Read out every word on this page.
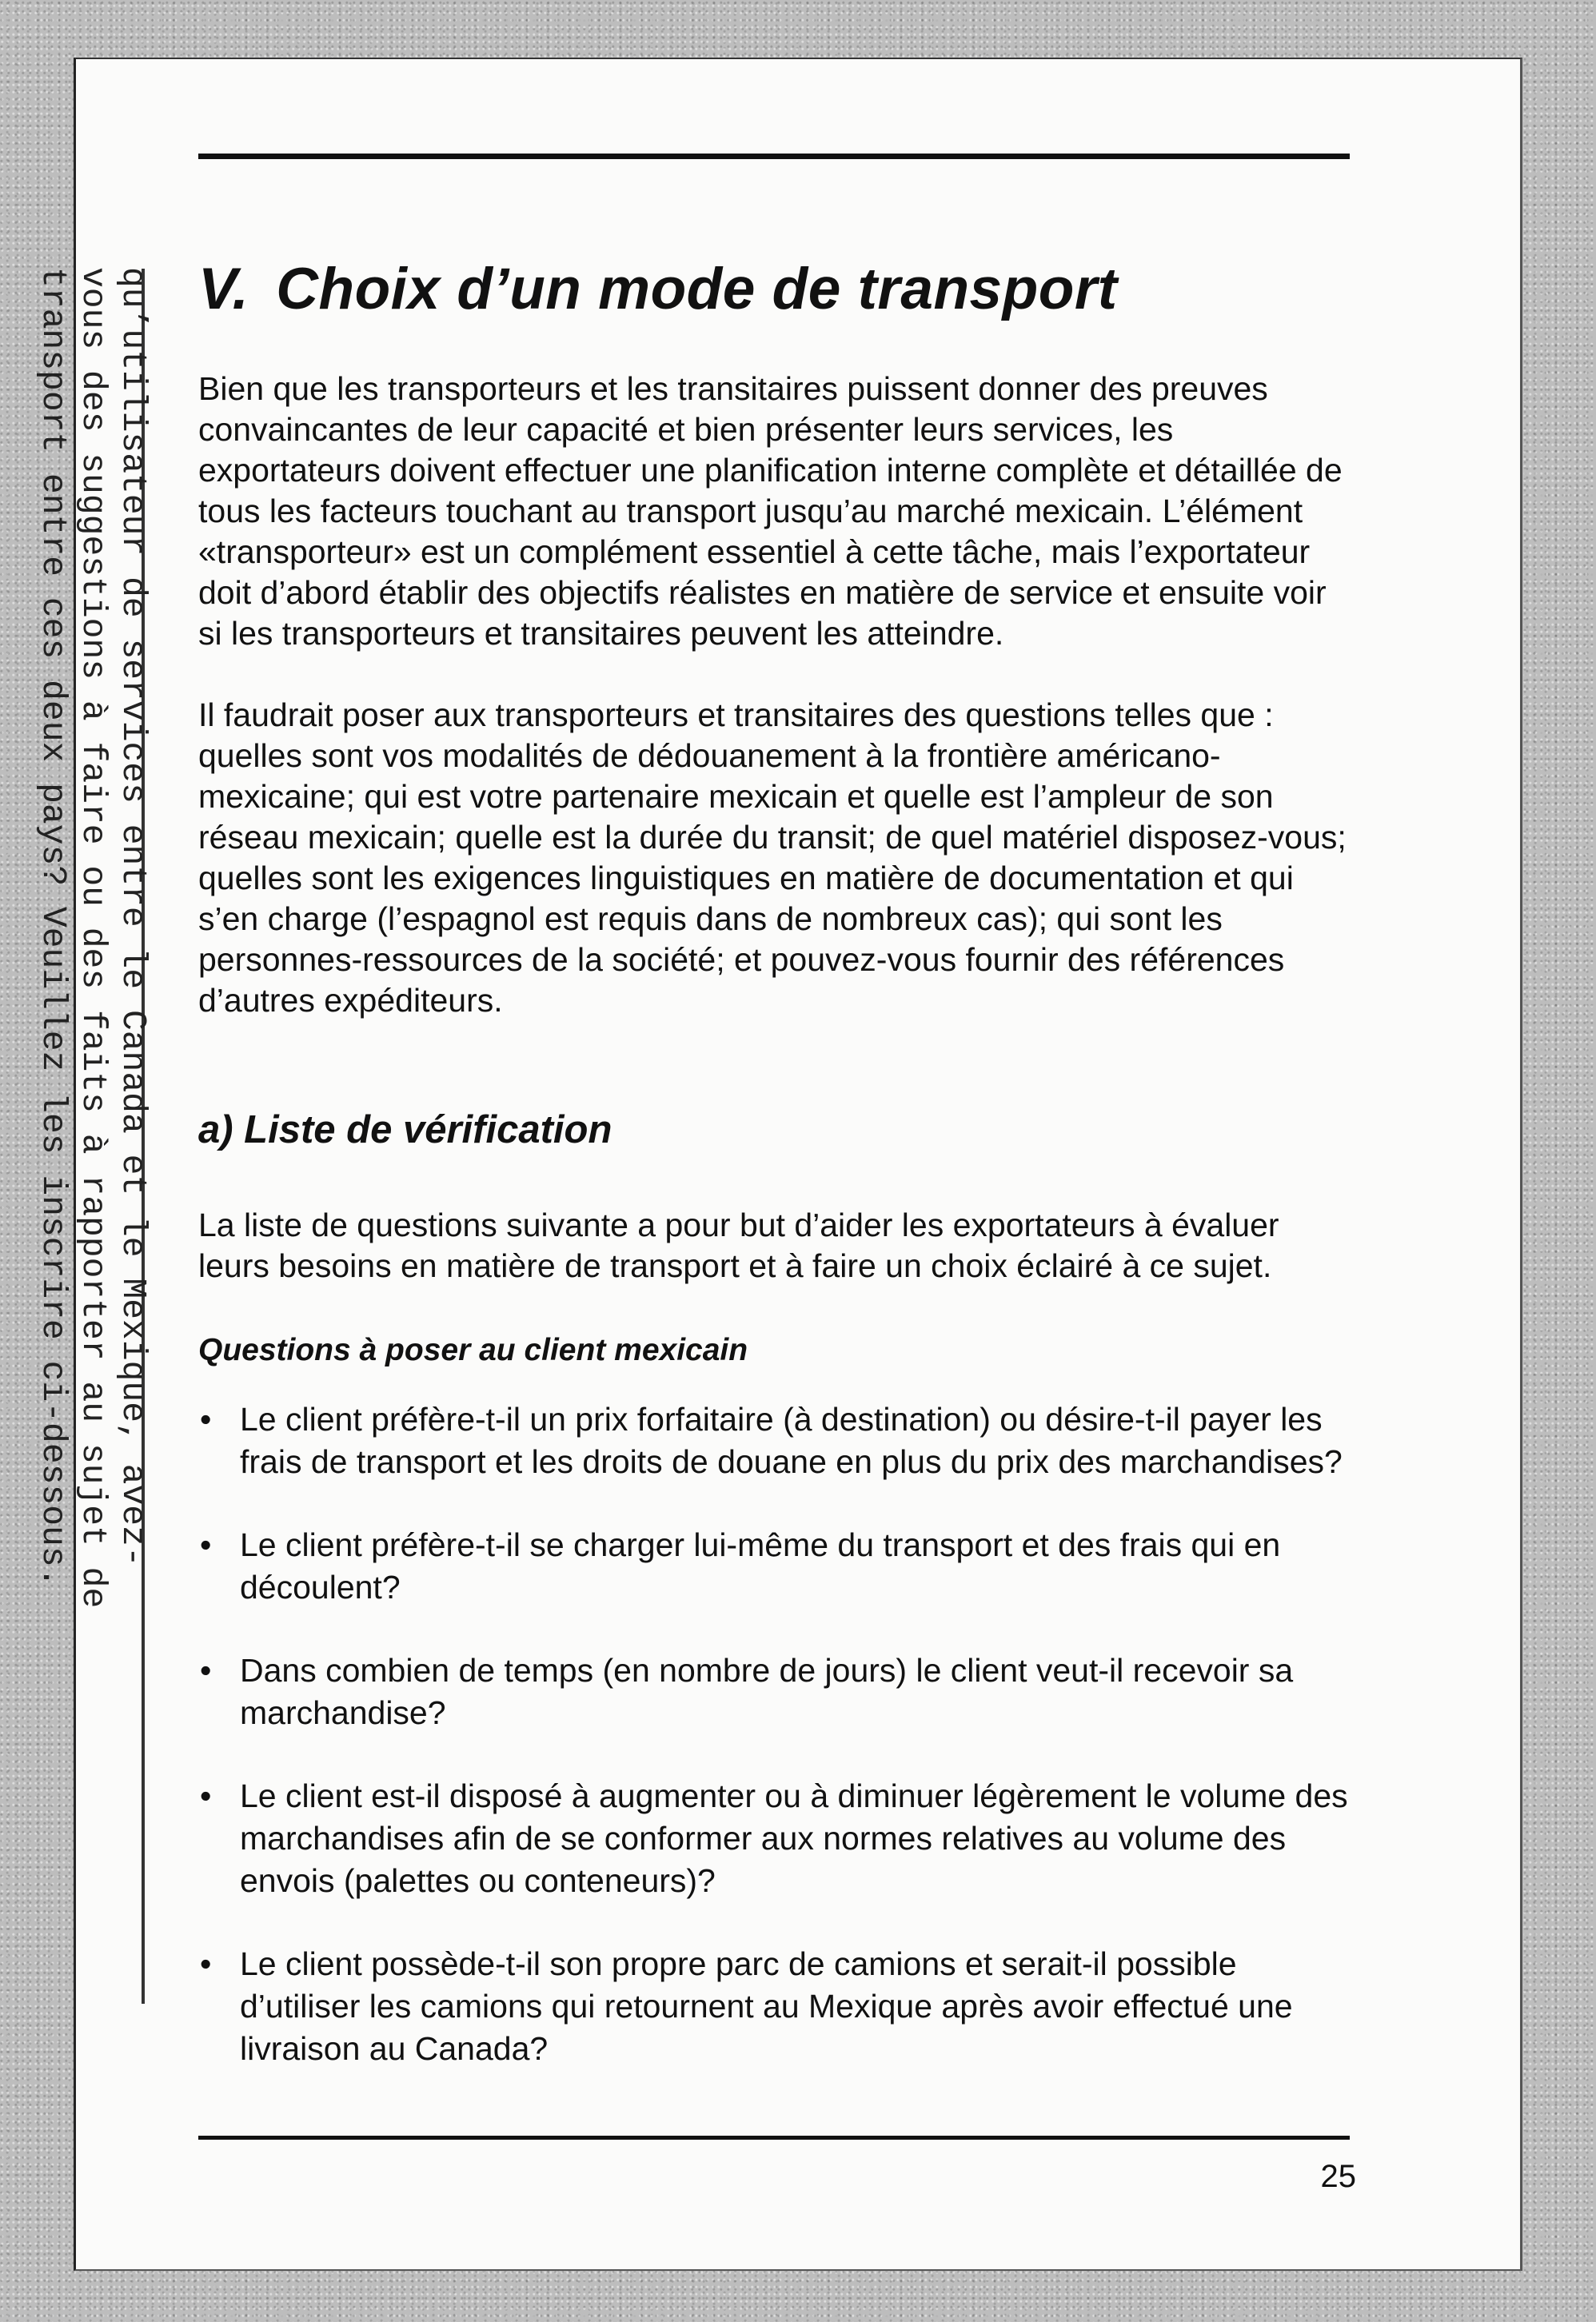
qu’utilisateur de services entre le Canada et le Mexique, avez-
vous des suggestions à faire ou des faits à rapporter au sujet de
transport entre ces deux pays? Veuillez les inscrire ci-dessous. V. Choix d’un mode de transport

Bien que les transporteurs et les transitaires puissent donner des preuves convaincantes de leur capacité et bien présenter leurs services, les exportateurs doivent effectuer une planification interne complète et détaillée de tous les facteurs touchant au transport jusqu’au marché mexicain. L’élément «transporteur» est un complément essentiel à cette tâche, mais l’exportateur doit d’abord établir des objectifs réalistes en matière de service et ensuite voir si les transporteurs et transitaires peuvent les atteindre.

Il faudrait poser aux transporteurs et transitaires des questions telles que : quelles sont vos modalités de dédouanement à la frontière américano-mexicaine; qui est votre partenaire mexicain et quelle est l’ampleur de son réseau mexicain; quelle est la durée du transit; de quel matériel disposez-vous; quelles sont les exigences linguistiques en matière de documentation et qui s’en charge (l’espagnol est requis dans de nombreux cas); qui sont les personnes-ressources de la société; et pouvez-vous fournir des références d’autres expéditeurs.

a) Liste de vérification

La liste de questions suivante a pour but d’aider les exportateurs à évaluer leurs besoins en matière de transport et à faire un choix éclairé à ce sujet.

Questions à poser au client mexicain
• Le client préfère-t-il un prix forfaitaire (à destination) ou désire-t-il payer les frais de transport et les droits de douane en plus du prix des marchandises?
• Le client préfère-t-il se charger lui-même du transport et des frais qui en découlent?
• Dans combien de temps (en nombre de jours) le client veut-il recevoir sa marchandise?
• Le client est-il disposé à augmenter ou à diminuer légèrement le volume des marchandises afin de se conformer aux normes relatives au volume des envois (palettes ou conteneurs)?
• Le client possède-t-il son propre parc de camions et serait-il possible d’utiliser les camions qui retournent au Mexique après avoir effectué une livraison au Canada?
25
